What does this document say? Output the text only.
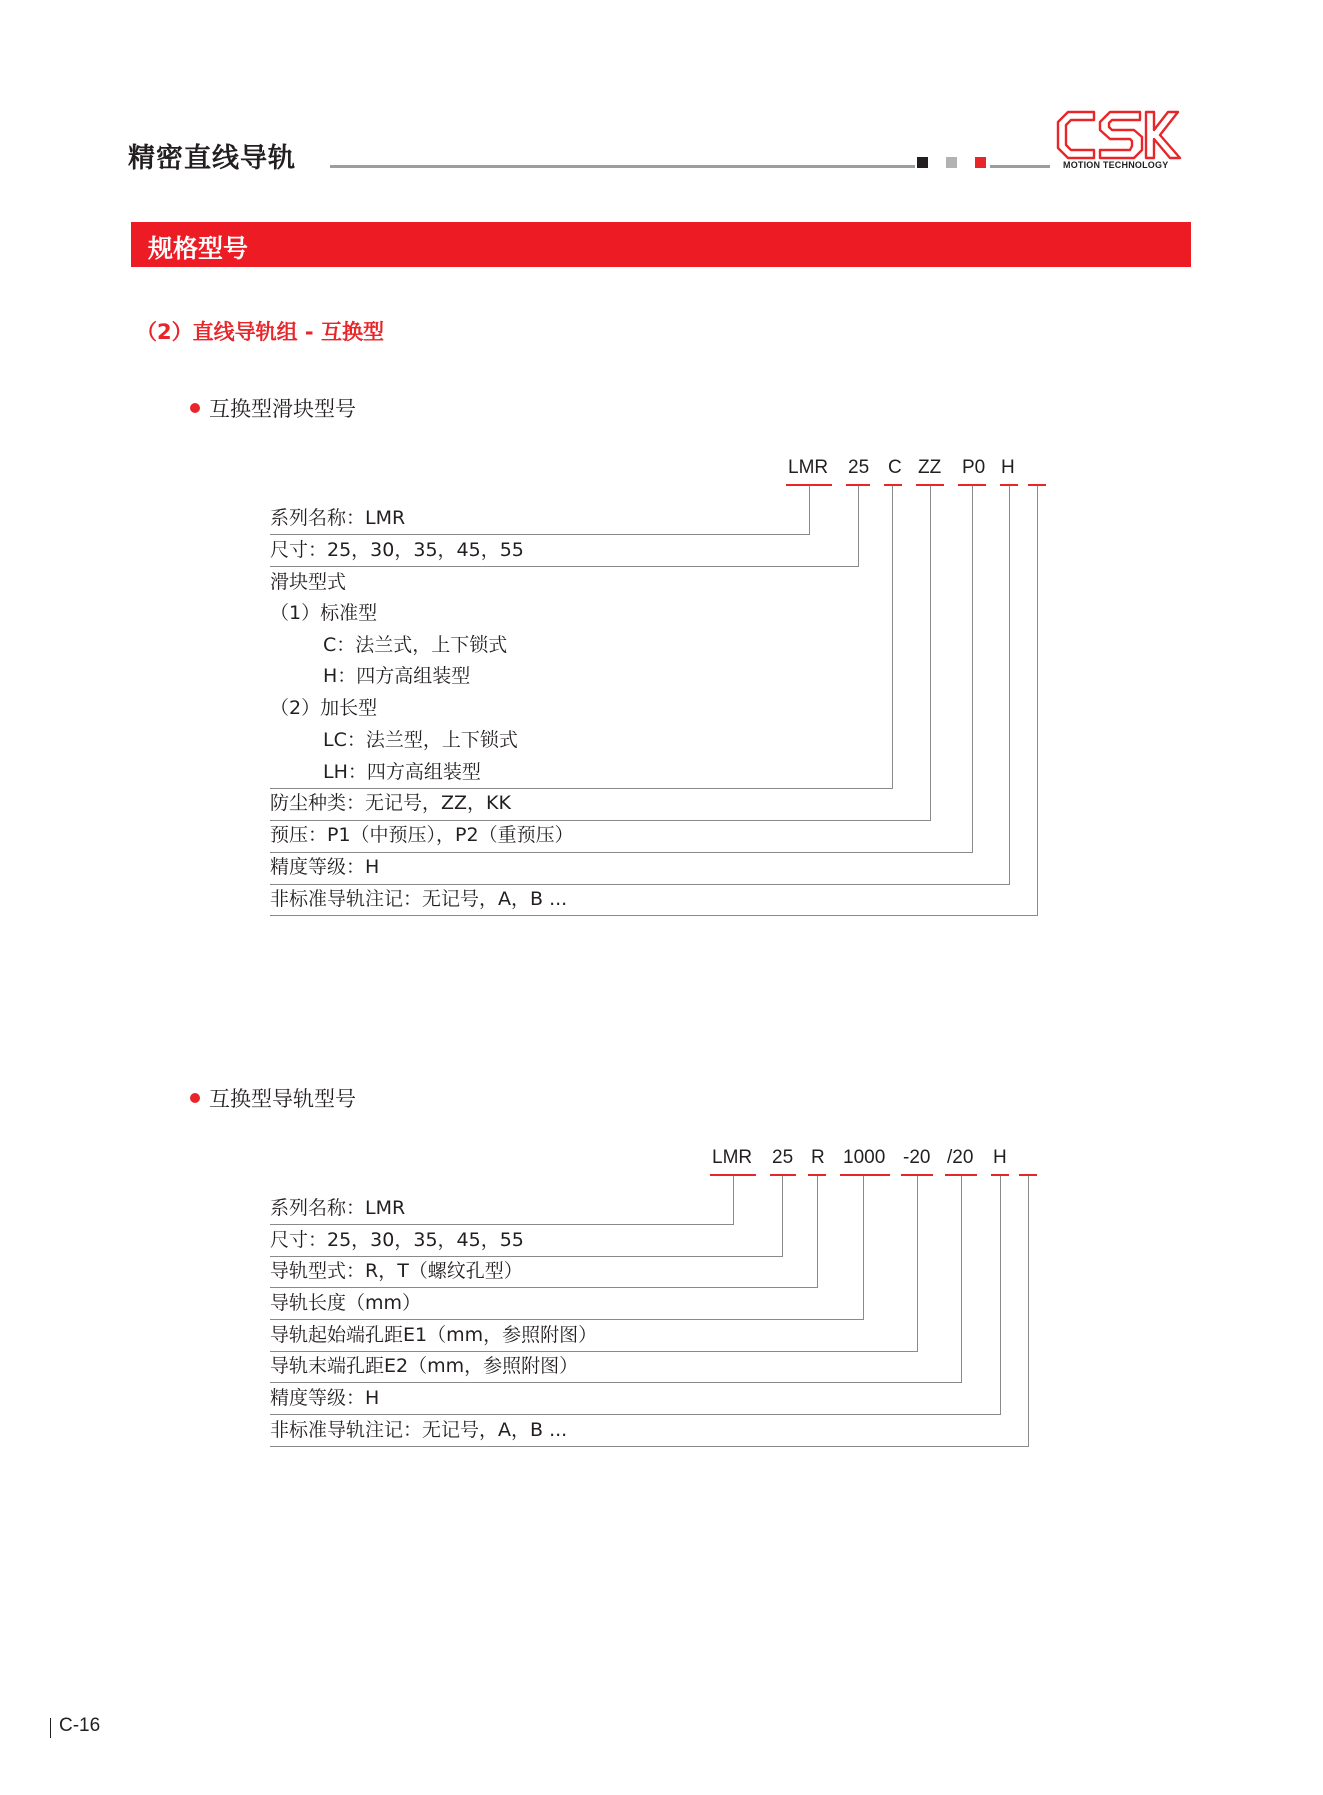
精密直线导轨	MOTION TECHNOLOGY
规格型号
（2）直线导轨组 - 互换型
互换型滑块型号
LMR 25 C ZZ P0 H
系列名称：LMR
尺寸：25，30，35，45，55
滑块型式
（1）标准型
C：法兰式，上下锁式
H：四方高组装型
（2）加长型
LC：法兰型，上下锁式
LH：四方高组装型
防尘种类：无记号，ZZ，KK
预压：P1（中预压），P2（重预压）
精度等级：H
非标准导轨注记：无记号，A，B ...
互换型导轨型号
LMR 25 R 1000 -20 /20 H
系列名称：LMR
尺寸：25，30，35，45，55
导轨型式：R，T（螺纹孔型）
导轨长度（mm）
导轨起始端孔距E1（mm，参照附图）
导轨末端孔距E2（mm，参照附图）
精度等级：H
非标准导轨注记：无记号，A，B ...
C-16
